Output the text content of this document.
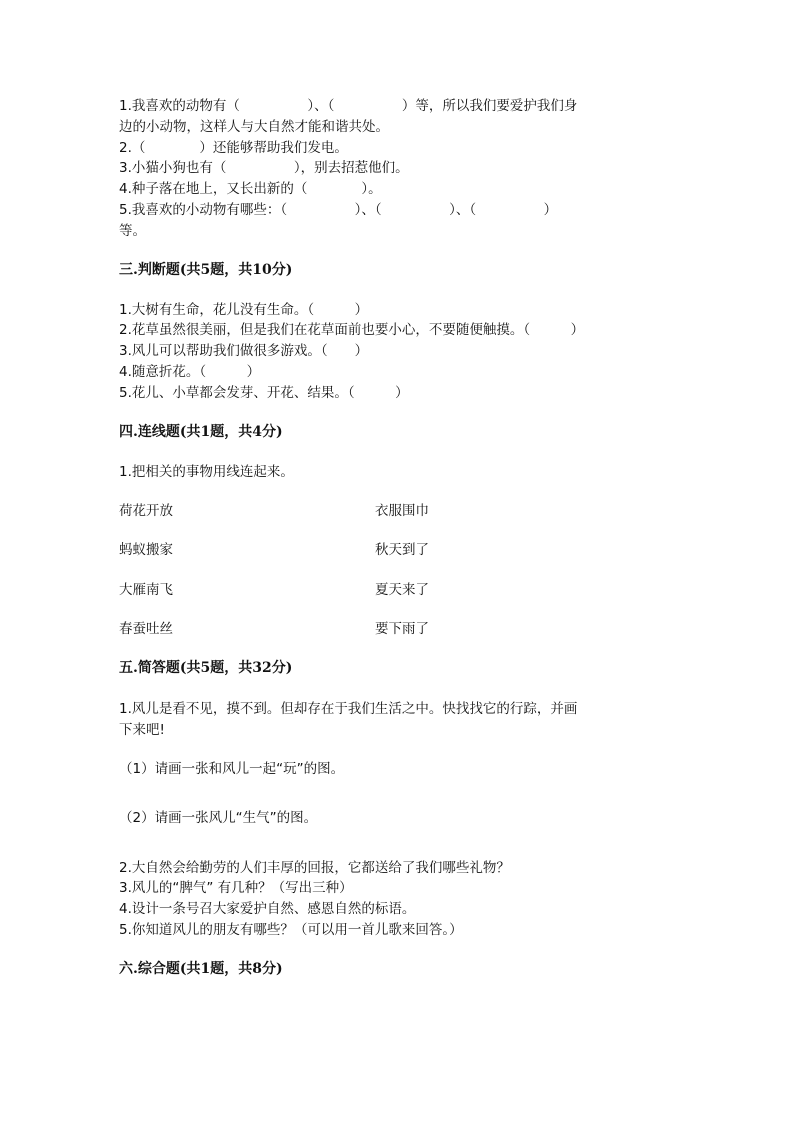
1.我喜欢的动物有（　　　　　）、（　　　　　）等，所以我们要爱护我们身
边的小动物，这样人与大自然才能和谐共处。
2.（　　　　）还能够帮助我们发电。
3.小猫小狗也有（　　　　　），别去招惹他们。
4.种子落在地上，又长出新的（　　　　）。
5.我喜欢的小动物有哪些：（　　　　　）、（　　　　　）、（　　　　　）
等。
三.判断题(共5题，共10分)
1.大树有生命，花儿没有生命。（　　　）
2.花草虽然很美丽，但是我们在花草面前也要小心，不要随便触摸。（　　　）
3.风儿可以帮助我们做很多游戏。（　　）
4.随意折花。（　　　）
5.花儿、小草都会发芽、开花、结果。（　　　）
四.连线题(共1题，共4分)
1.把相关的事物用线连起来。
荷花开放	衣服围巾
蚂蚁搬家	秋天到了
大雁南飞	夏天来了
春蚕吐丝	要下雨了
五.简答题(共5题，共32分)
1.风儿是看不见，摸不到。但却存在于我们生活之中。快找找它的行踪，并画
下来吧!
（1）请画一张和风儿一起“玩”的图。
（2）请画一张风儿“生气”的图。
2.大自然会给勤劳的人们丰厚的回报，它都送给了我们哪些礼物？
3.风儿的“脾气” 有几种？（写出三种）
4.设计一条号召大家爱护自然、感恩自然的标语。
5.你知道风儿的朋友有哪些？（可以用一首儿歌来回答。）
六.综合题(共1题，共8分)
